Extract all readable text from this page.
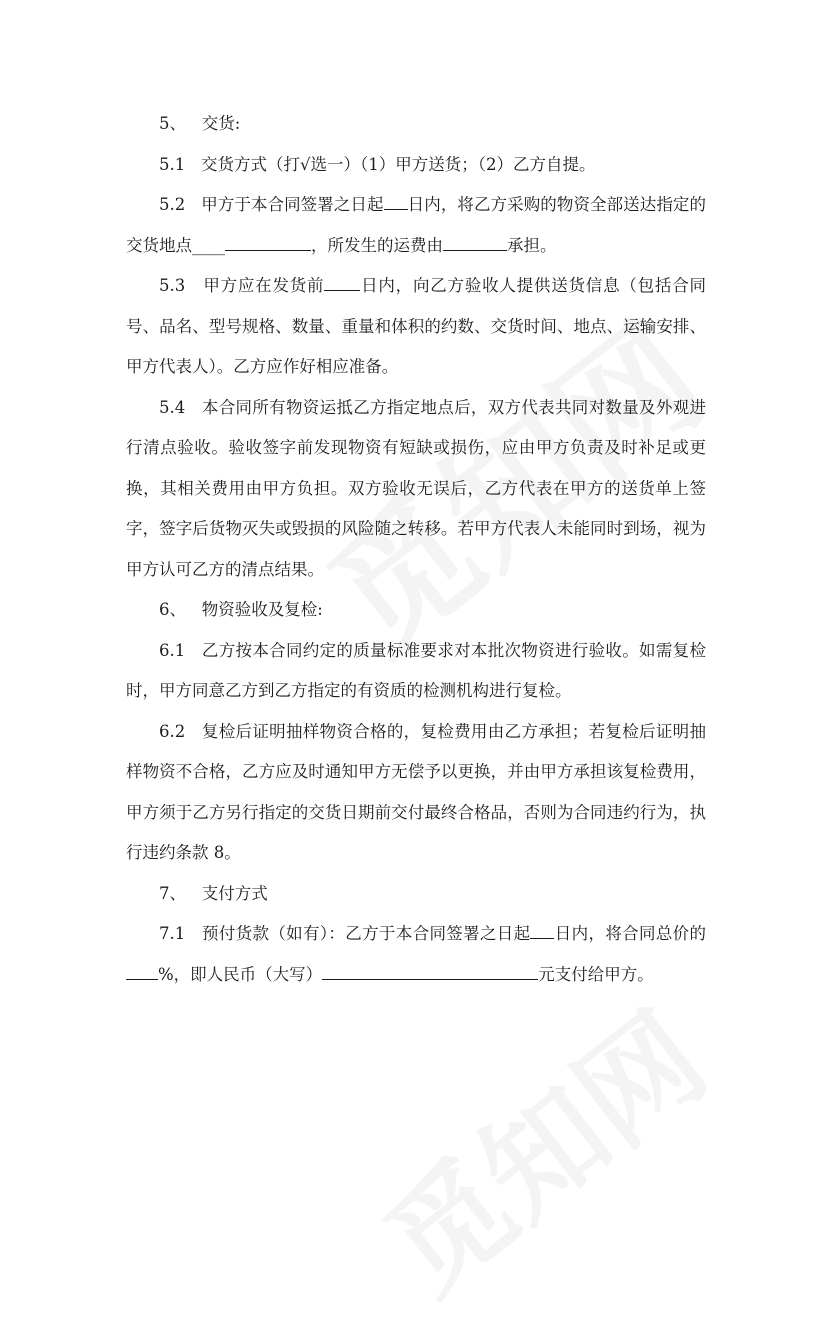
5、   交货:

5.1   交货方式（打√选一）（1）甲方送货；（2）乙方自提。

5.2   甲方于本合同签署之日起 日内，将乙方采购的物资全部送达指定的交货地点____	，所发生的运费由	承担。

5.3   甲方应在发货前 日内，向乙方验收人提供送货信息（包括合同号、品名、型号规格、数量、重量和体积的约数、交货时间、地点、运输安排、甲方代表人）。乙方应作好相应准备。

5.4   本合同所有物资运抵乙方指定地点后，双方代表共同对数量及外观进行清点验收。验收签字前发现物资有短缺或损伤，应由甲方负责及时补足或更换，其相关费用由甲方负担。双方验收无误后，乙方代表在甲方的送货单上签字，签字后货物灭失或毁损的风险随之转移。若甲方代表人未能同时到场，视为甲方认可乙方的清点结果。

6、   物资验收及复检:

6.1   乙方按本合同约定的质量标准要求对本批次物资进行验收。如需复检时，甲方同意乙方到乙方指定的有资质的检测机构进行复检。

6.2   复检后证明抽样物资合格的，复检费用由乙方承担；若复检后证明抽样物资不合格，乙方应及时通知甲方无偿予以更换，并由甲方承担该复检费用，甲方须于乙方另行指定的交货日期前交付最终合格品，否则为合同违约行为，执行违约条款 8。

7、   支付方式

7.1   预付货款（如有）：乙方于本合同签署之日起 日内，将合同总价的%，即人民币（大写）	元支付给甲方。
